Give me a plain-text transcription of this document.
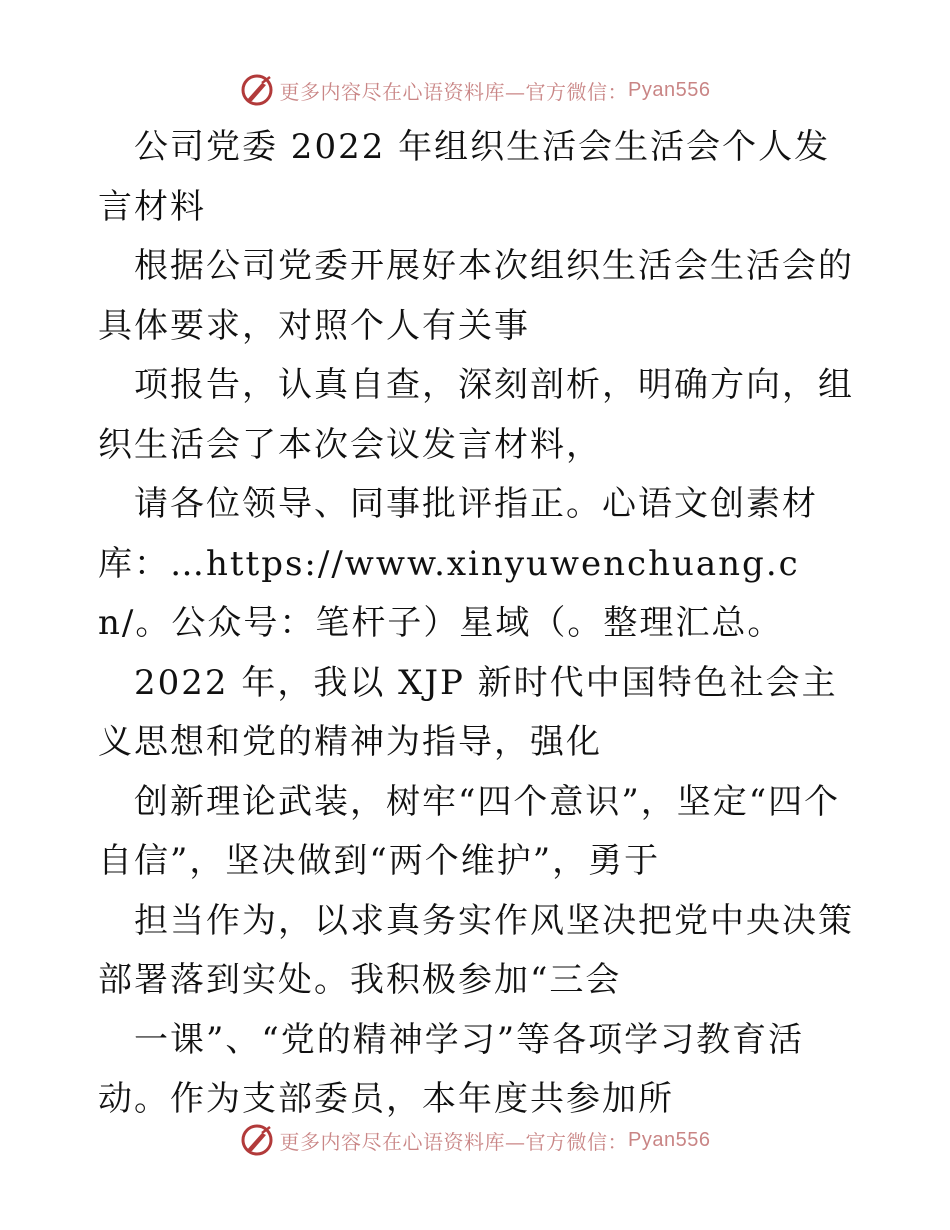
更多内容尽在心语资料库—官方微信： Pyan556

公司党委 2022 年组织生活会生活会个人发言材料

根据公司党委开展好本次组织生活会生活会的具体要求，对照个人有关事

项报告，认真自查，深刻剖析，明确方向，组织生活会了本次会议发言材料，

请各位领导、同事批评指正。心语文创素材库：…https://www.xinyuwenchuang.cn/。公众号：笔杆子）星域（。整理汇总。

2022 年，我以 XJP 新时代中国特色社会主义思想和党的精神为指导，强化

创新理论武装，树牢“四个意识”，坚定“四个自信”，坚决做到“两个维护”，勇于

担当作为，以求真务实作风坚决把党中央决策部署落到实处。我积极参加“三会

一课”、“党的精神学习”等各项学习教育活动。作为支部委员，本年度共参加所

更多内容尽在心语资料库—官方微信： Pyan556
